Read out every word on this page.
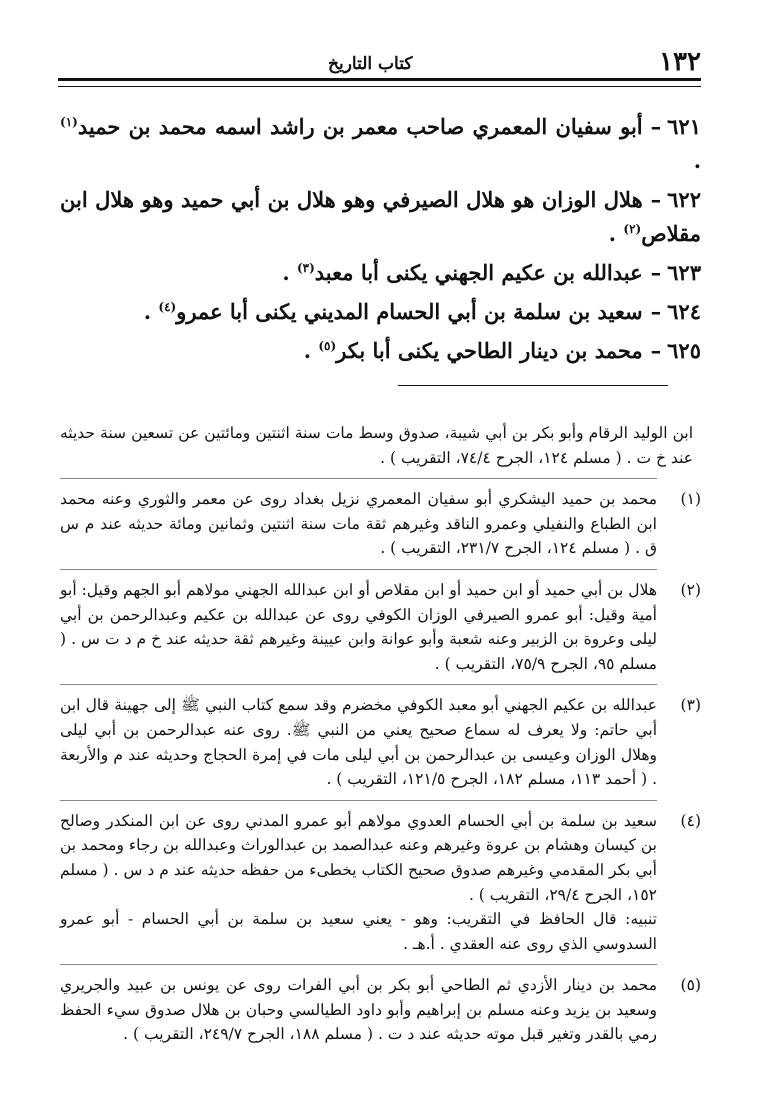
١٣٢
كتاب التاريخ

٦٢١–أبو سفيان المعمري صاحب معمر بن راشد اسمه محمد بن حميد$^{(١)}$ .

٦٢٢–هلال الوزان هو هلال الصيرفي وهو هلال بن أبي حميد وهو هلال ابن مقلاص$^{(٢)}$ .

٦٢٣–عبدالله بن عكيم الجهني يكنى أبا معبد$^{(٣)}$ .

٦٢٤–سعيد بن سلمة بن أبي الحسام المديني يكنى أبا عمرو$^{(٤)}$ .

٦٢٥–محمد بن دينار الطاحي يكنى أبا بكر$^{(٥)}$ .

ابن الوليد الرقام وأبو بكر بن أبي شيبة، صدوق وسط مات سنة اثنتين ومائتين عن تسعين سنة حديثه عند خ ت . ( مسلم ١٢٤، الجرح ٧٤/٤، التقريب ) .

(١)
محمد بن حميد اليشكري أبو سفيان المعمري نزيل بغداد روى عن معمر والثوري وعنه محمد ابن الطباع والنفيلي وعمرو الناقد وغيرهم ثقة مات سنة اثنتين وثمانين ومائة حديثه عند م س ق . ( مسلم ١٢٤، الجرح ٢٣١/٧، التقريب ) .

(٢)
هلال بن أبي حميد أو ابن حميد أو ابن مقلاص أو ابن عبدالله الجهني مولاهم أبو الجهم وقيل: أبو أمية وقيل: أبو عمرو الصيرفي الوزان الكوفي روى عن عبدالله بن عكيم وعبدالرحمن بن أبي ليلى وعروة بن الزبير وعنه شعبة وأبو عوانة وابن عيينة وغيرهم ثقة حديثه عند خ م د ت س . ( مسلم ٩٥، الجرح ٧٥/٩، التقريب ) .

(٣)
عبدالله بن عكيم الجهني أبو معبد الكوفي مخضرم وقد سمع كتاب النبي ﷺ إلى جهينة قال ابن أبي حاتم: ولا يعرف له سماع صحيح يعني من النبي ﷺ. روى عنه عبدالرحمن بن أبي ليلى وهلال الوزان وعيسى بن عبدالرحمن بن أبي ليلى مات في إمرة الحجاج وحديثه عند م والأربعة . ( أحمد ١١٣، مسلم ١٨٢، الجرح ١٢١/٥، التقريب ) .

(٤)
سعيد بن سلمة بن أبي الحسام العدوي مولاهم أبو عمرو المدني روى عن ابن المنكدر وصالح بن كيسان وهشام بن عروة وغيرهم وعنه عبدالصمد بن عبدالوراث وعبدالله بن رجاء ومحمد بن أبي بكر المقدمي وغيرهم صدوق صحيح الكتاب يخطىء من حفظه حديثه عند م د س . ( مسلم ١٥٢، الجرح ٢٩/٤، التقريب ) .
تنبيه: قال الحافظ في التقريب: وهو - يعني سعيد بن سلمة بن أبي الحسام - أبو عمرو السدوسي الذي روى عنه العقدي . أ.هـ .

(٥)
محمد بن دينار الأزدي ثم الطاحي أبو بكر بن أبي الفرات روى عن يونس بن عبيد والجريري وسعيد بن يزيد وعنه مسلم بن إبراهيم وأبو داود الطيالسي وحبان بن هلال صدوق سيء الحفظ رمي بالقدر وتغير قبل موته حديثه عند د ت . ( مسلم ١٨٨، الجرح ٢٤٩/٧، التقريب ) .
